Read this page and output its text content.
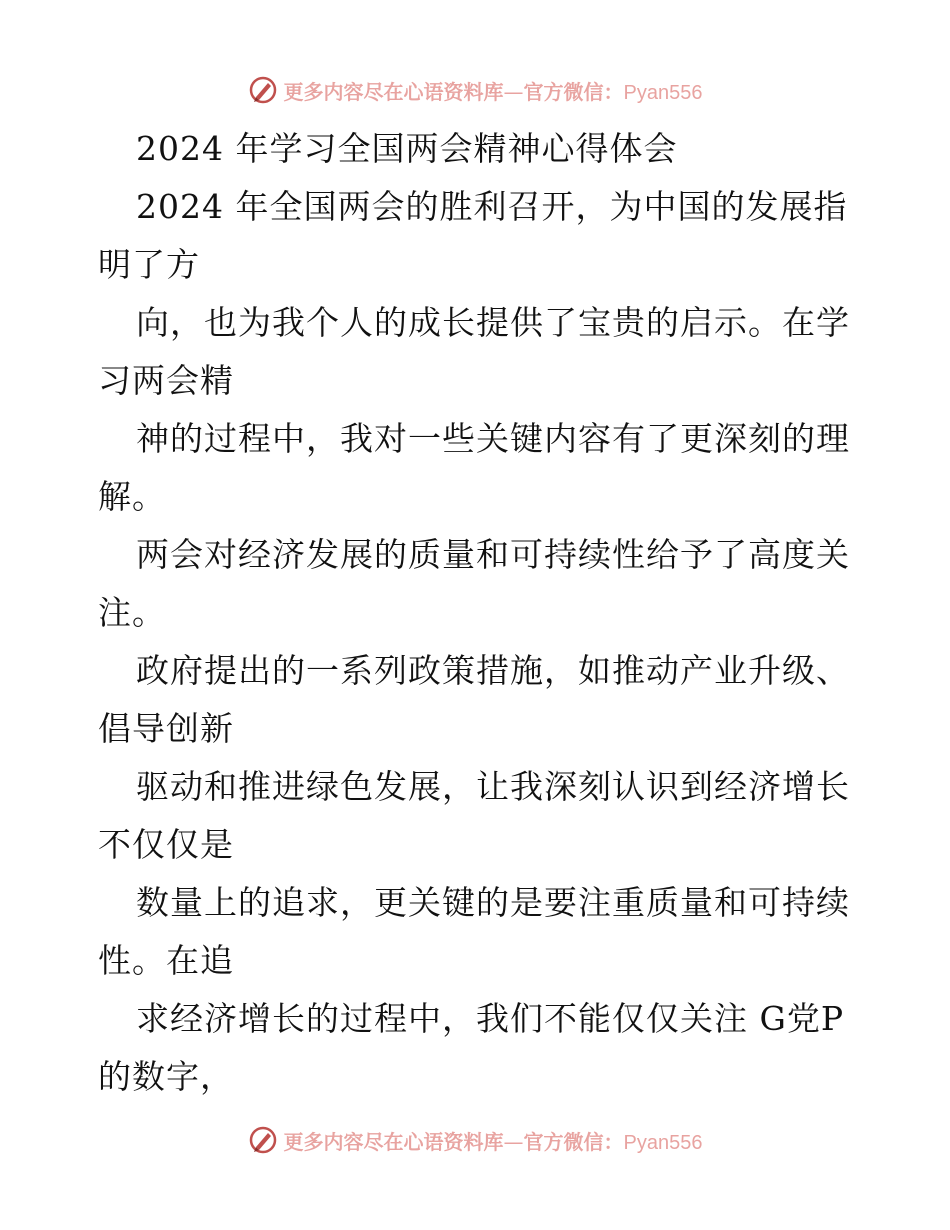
更多内容尽在心语资料库—官方微信：Pyan556
2024 年学习全国两会精神心得体会
2024 年全国两会的胜利召开，为中国的发展指
明了方
向，也为我个人的成长提供了宝贵的启示。在学
习两会精
神的过程中，我对一些关键内容有了更深刻的理
解。
两会对经济发展的质量和可持续性给予了高度关
注。
政府提出的一系列政策措施，如推动产业升级、
倡导创新
驱动和推进绿色发展，让我深刻认识到经济增长
不仅仅是
数量上的追求，更关键的是要注重质量和可持续
性。在追
求经济增长的过程中，我们不能仅仅关注 G党P
的数字，
更多内容尽在心语资料库—官方微信：Pyan556
